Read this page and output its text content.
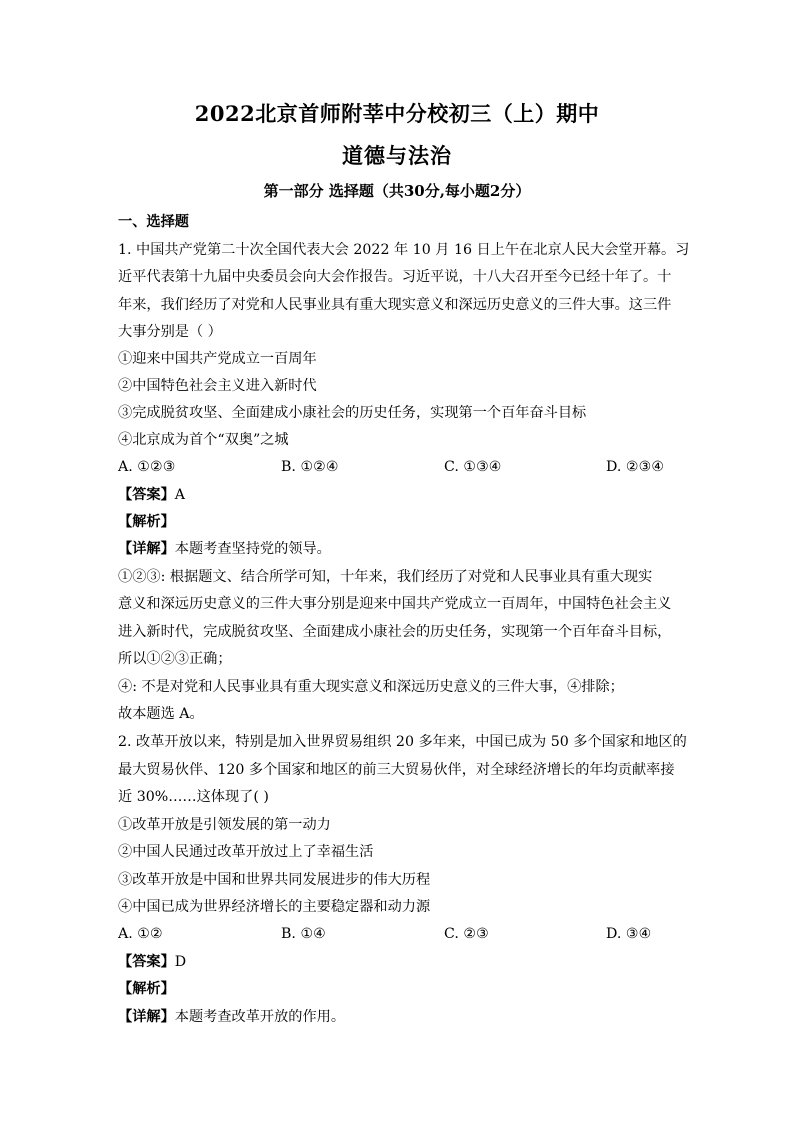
2022北京首师附莘中分校初三（上）期中
道德与法治
第一部分 选择题（共30分,每小题2分）
一、选择题
1. 中国共产党第二十次全国代表大会 2022 年 10 月 16 日上午在北京人民大会堂开幕。习
近平代表第十九届中央委员会向大会作报告。习近平说，十八大召开至今已经十年了。十
年来，我们经历了对党和人民事业具有重大现实意义和深远历史意义的三件大事。这三件
大事分别是（ ）
①迎来中国共产党成立一百周年
②中国特色社会主义进入新时代
③完成脱贫攻坚、全面建成小康社会的历史任务，实现第一个百年奋斗目标
④北京成为首个“双奥”之城
A. ①②③	B. ①②④	C. ①③④	D. ②③④
【答案】A
【解析】
【详解】本题考查坚持党的领导。
①②③: 根据题文、结合所学可知，十年来，我们经历了对党和人民事业具有重大现实
意义和深远历史意义的三件大事分别是迎来中国共产党成立一百周年，中国特色社会主义
进入新时代，完成脱贫攻坚、全面建成小康社会的历史任务，实现第一个百年奋斗目标，
所以①②③正确；
④: 不是对党和人民事业具有重大现实意义和深远历史意义的三件大事，④排除；
故本题选 A。
2. 改革开放以来，特别是加入世界贸易组织 20 多年来，中国已成为 50 多个国家和地区的
最大贸易伙伴、120 多个国家和地区的前三大贸易伙伴，对全球经济增长的年均贡献率接
近 30%……这体现了( )
①改革开放是引领发展的第一动力
②中国人民通过改革开放过上了幸福生活
③改革开放是中国和世界共同发展进步的伟大历程
④中国已成为世界经济增长的主要稳定器和动力源
A. ①②	B. ①④	C. ②③	D. ③④
【答案】D
【解析】
【详解】本题考查改革开放的作用。
